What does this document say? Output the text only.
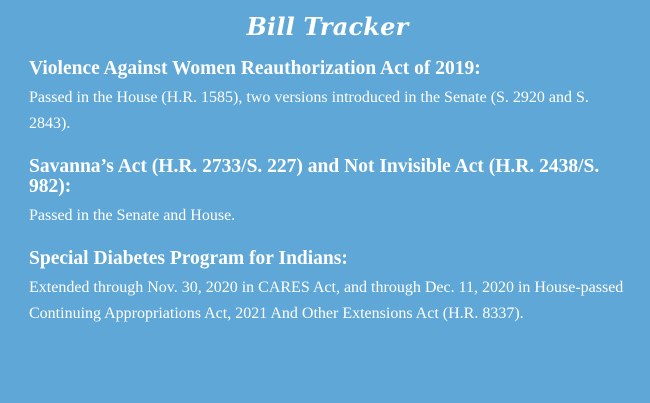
Bill Tracker
Violence Against Women Reauthorization Act of 2019:

Passed in the House (H.R. 1585), two versions introduced in the Senate (S. 2920 and S. 2843).

Savanna’s Act (H.R. 2733/S. 227) and Not Invisible Act (H.R. 2438/S. 982):

Passed in the Senate and House.

Special Diabetes Program for Indians:

Extended through Nov. 30, 2020 in CARES Act, and through Dec. 11, 2020 in House-passed Continuing Appropriations Act, 2021 And Other Extensions Act (H.R. 8337).
